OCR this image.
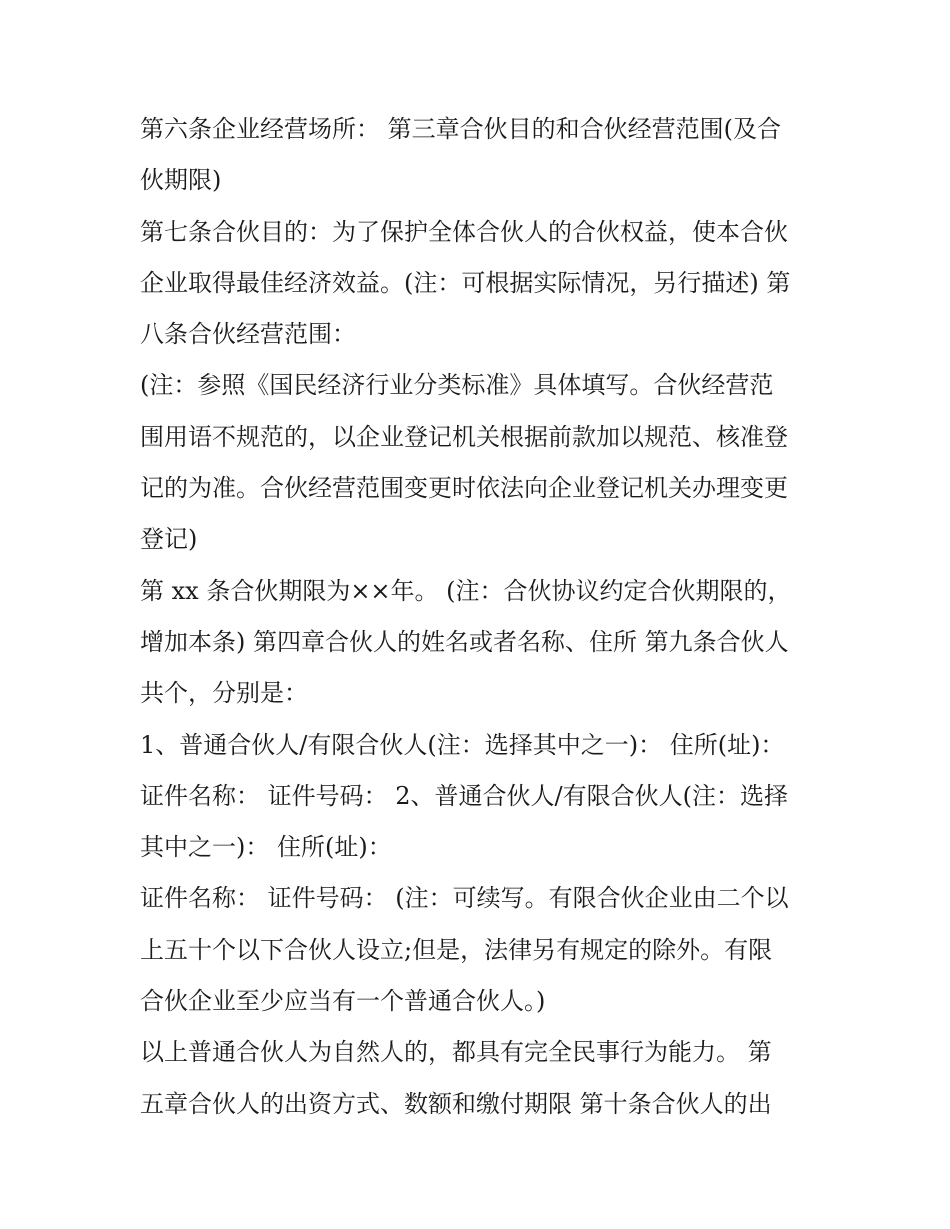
第六条企业经营场所： 第三章合伙目的和合伙经营范围(及合
伙期限)
第七条合伙目的：为了保护全体合伙人的合伙权益，使本合伙
企业取得最佳经济效益。(注：可根据实际情况，另行描述) 第
八条合伙经营范围：
(注：参照《国民经济行业分类标准》具体填写。合伙经营范
围用语不规范的，以企业登记机关根据前款加以规范、核准登
记的为准。合伙经营范围变更时依法向企业登记机关办理变更
登记)
第 xx 条合伙期限为××年。 (注：合伙协议约定合伙期限的，
增加本条) 第四章合伙人的姓名或者名称、住所 第九条合伙人
共个，分别是：
1、普通合伙人/有限合伙人(注：选择其中之一)： 住所(址)：
证件名称： 证件号码： 2、普通合伙人/有限合伙人(注：选择
其中之一)： 住所(址)：
证件名称： 证件号码： (注：可续写。有限合伙企业由二个以
上五十个以下合伙人设立;但是，法律另有规定的除外。有限
合伙企业至少应当有一个普通合伙人。)
以上普通合伙人为自然人的，都具有完全民事行为能力。 第
五章合伙人的出资方式、数额和缴付期限 第十条合伙人的出
